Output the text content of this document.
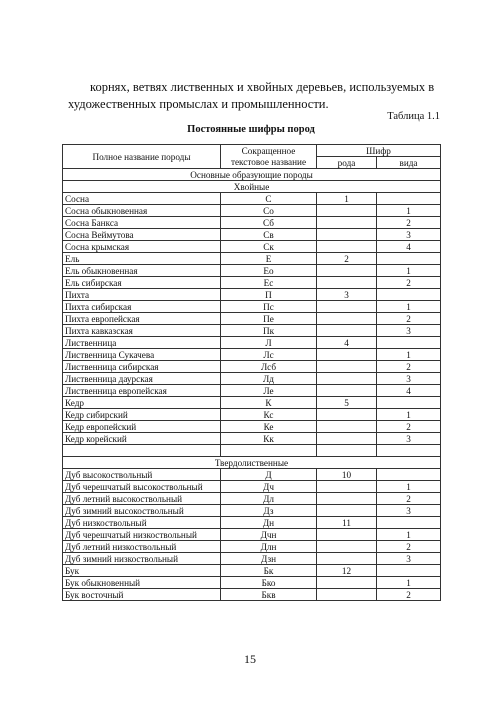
корнях, ветвях лиственных и хвойных деревьев, используемых в художественных промыслах и промышленности.

Таблица 1.1
Постоянные шифры пород
Полное название породы	Сокращенное текстовое название	Шифр	
		рода	вида
Основные образующие породы			
Хвойные			
Сосна	С	1	
Сосна обыкновенная	Со		1
Сосна Банкса	Сб		2
Сосна Веймутова	Св		3
Сосна крымская	Ск		4
Ель	Е	2	
Ель обыкновенная	Ео		1
Ель сибирская	Ес		2
Пихта	П	3	
Пихта сибирская	Пс		1
Пихта европейская	Пе		2
Пихта кавказская	Пк		3
Лиственница	Л	4	
Лиственница Сукачева	Лс		1
Лиственница сибирская	Лсб		2
Лиственница даурская	Лд		3
Лиственница европейская	Ле		4
Кедр	К	5	
Кедр сибирский	Кс		1
Кедр европейский	Ке		2
Кедр корейский	Кк		3

Твердолиственные			
Дуб высокоствольный	Д	10	
Дуб черешчатый высокоствольный	Дч		1
Дуб летний высокоствольный	Дл		2
Дуб зимний высокоствольный	Дз		3
Дуб низкоствольный	Дн	11	
Дуб черешчатый низкоствольный	Дчн		1
Дуб летний низкоствольный	Длн		2
Дуб зимний низкоствольный	Дзн		3
Бук	Бк	12	
Бук обыкновенный	Бко		1
Бук восточный	Бкв		2
15
